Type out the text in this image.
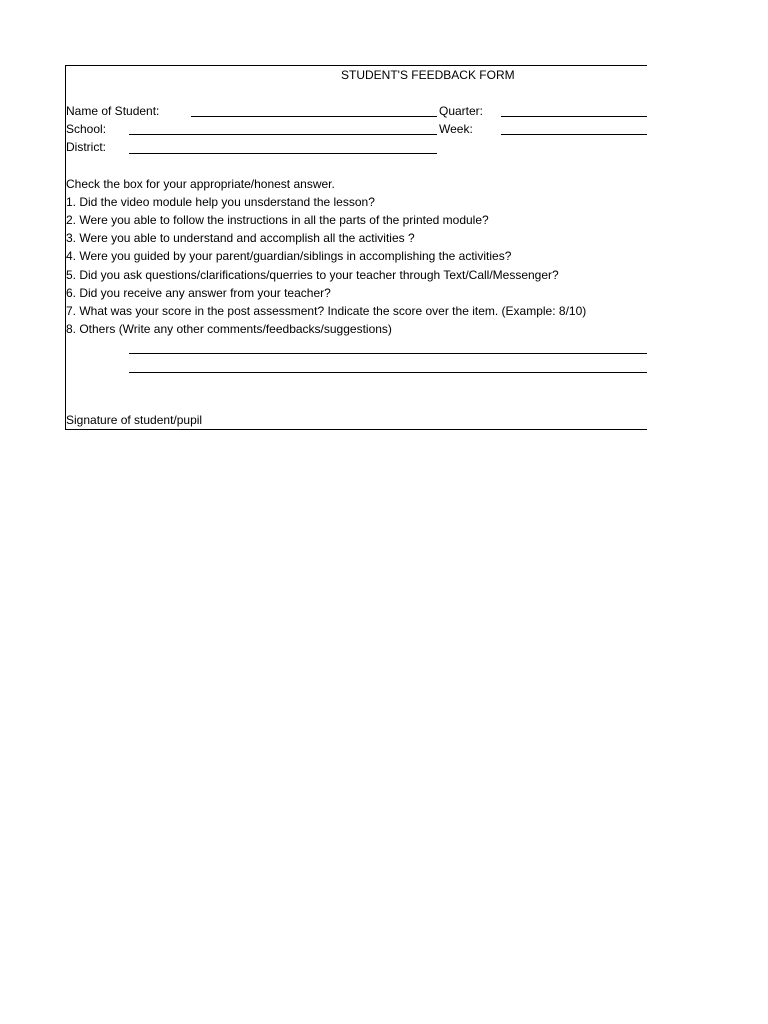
STUDENT'S FEEDBACK FORM
Name of Student:	Quarter:
School:	Week:
District:
Check the box for your appropriate/honest answer.
1. Did the video module help you unsderstand the lesson?
2. Were you able to follow the instructions in all the parts of the printed module?
3. Were you able to understand and accomplish all the activities ?
4. Were you guided by your parent/guardian/siblings in accomplishing the activities?
5. Did you ask questions/clarifications/querries to your teacher through Text/Call/Messenger?
6. Did you receive any answer from your teacher?
7. What was your score in the post assessment? Indicate the score over the item. (Example: 8/10)
8. Others (Write any other comments/feedbacks/suggestions)
Signature of student/pupil
